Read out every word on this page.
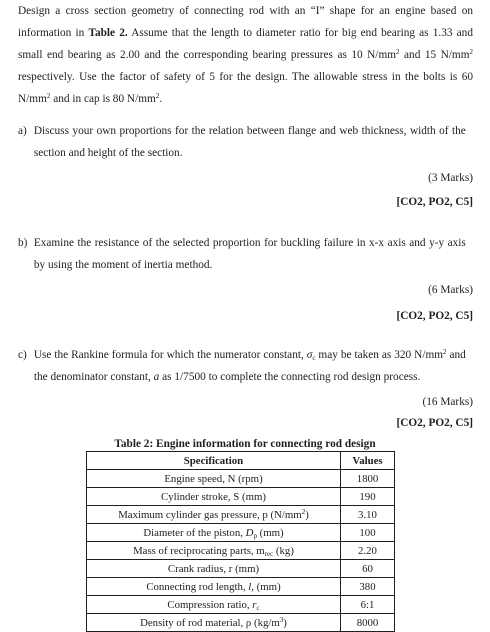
Design a cross section geometry of connecting rod with an “I” shape for an engine based on information in Table 2. Assume that the length to diameter ratio for big end bearing as 1.33 and small end bearing as 2.00 and the corresponding bearing pressures as 10 $N/mm^2$ and 15 $N/mm^2$ respectively. Use the factor of safety of 5 for the design. The allowable stress in the bolts is 60 $N/mm^2$ and in cap is 80 $N/mm^2$.

a) Discuss your own proportions for the relation between flange and web thickness, width of the section and height of the section.

(3 Marks)

[CO2, PO2, C5]

b) Examine the resistance of the selected proportion for buckling failure in x-x axis and y-y axis by using the moment of inertia method.

(6 Marks)

[CO2, PO2, C5]

c) Use the Rankine formula for which the numerator constant, $\sigma_c$ may be taken as 320 $N/mm^2$ and the denominator constant, a as 1/7500 to complete the connecting rod design process.

(16 Marks)

[CO2, PO2, C5]

Table 2: Engine information for connecting rod design

Specification	Values
Engine speed, N (rpm)	1800
Cylinder stroke, S (mm)	190
Maximum cylinder gas pressure, p $(N/mm^2)$	3.10
Diameter of the piston, $D_p$ (mm)	100
Mass of reciprocating parts, $m_{rec}$ (kg)	2.20
Crank radius, r (mm)	60
Connecting rod length, l, (mm)	380
Compression ratio, $r_c$	6:1
Density of rod material, ρ $(kg/m^3)$	8000
